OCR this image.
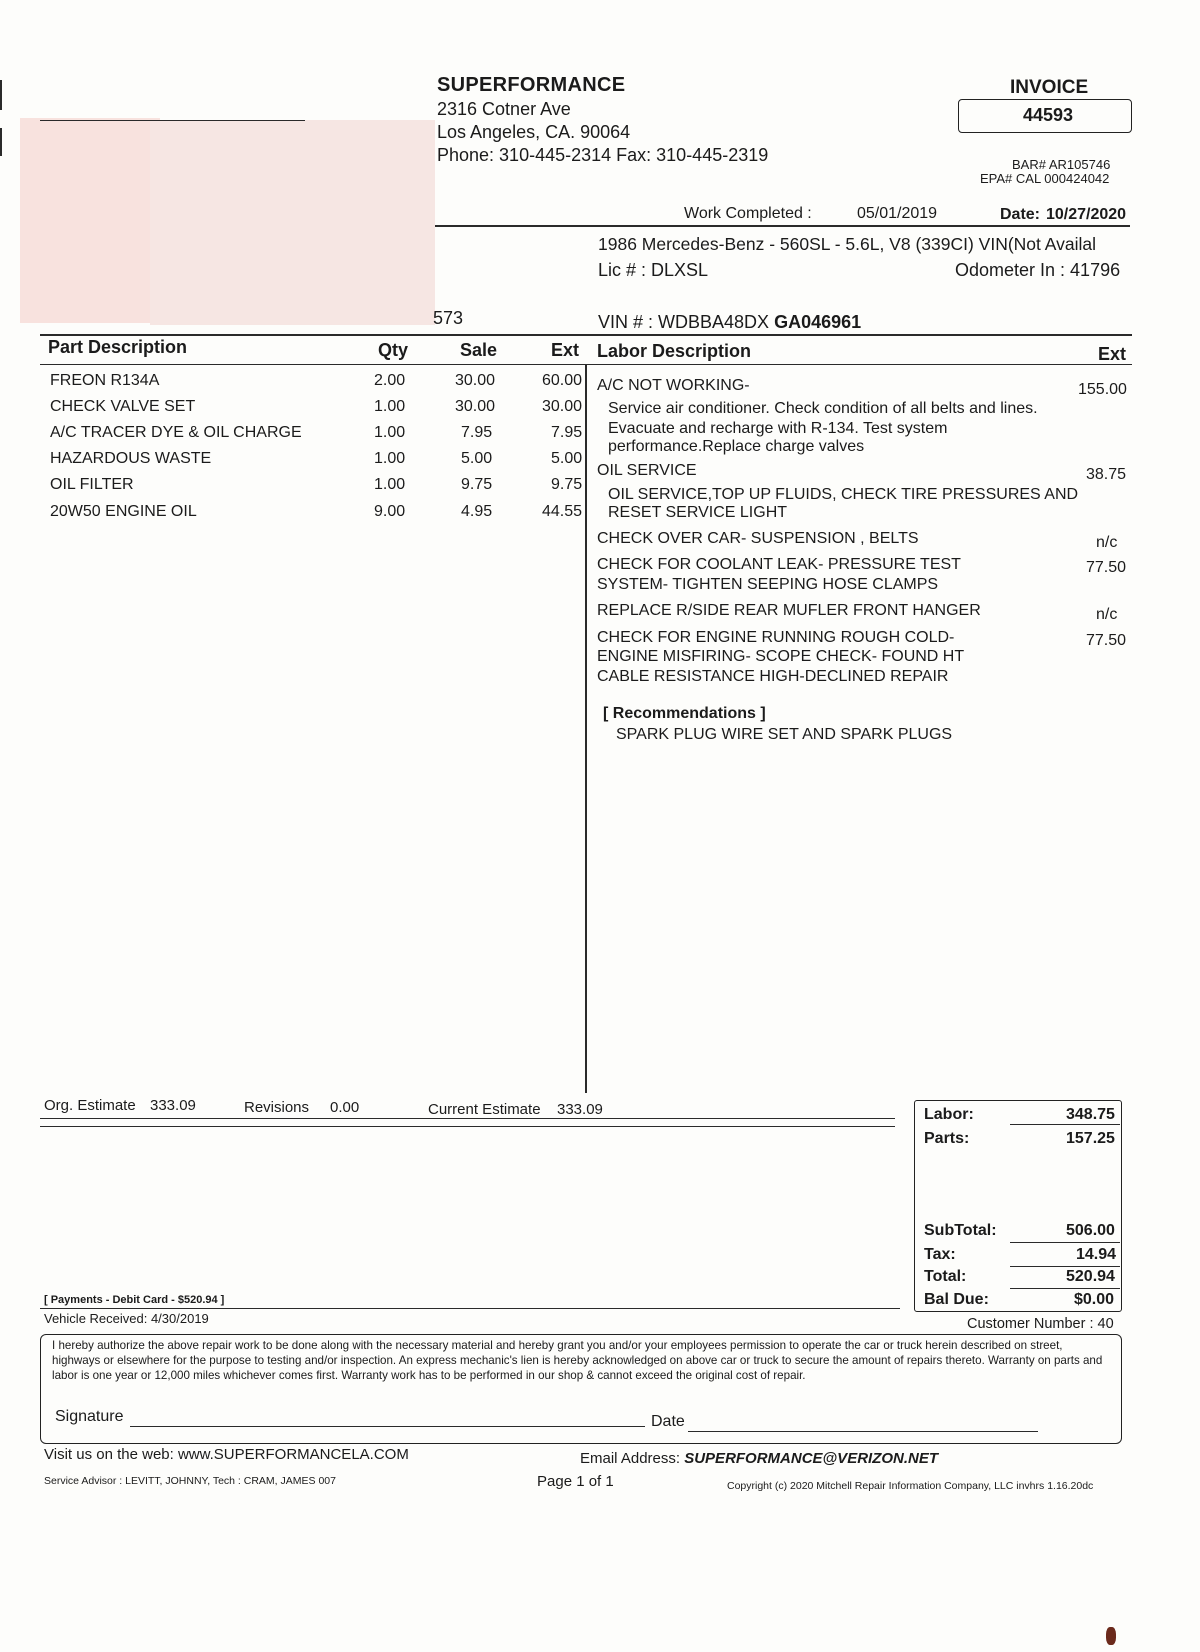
SUPERFORMANCE
2316 Cotner Ave
Los Angeles, CA. 90064
Phone: 310-445-2314 Fax: 310-445-2319
INVOICE
44593
BAR# AR105746
EPA# CAL 000424042
Work Completed :	05/01/2019	Date: 10/27/2020
1986 Mercedes-Benz - 560SL - 5.6L, V8 (339CI) VIN(Not Availal
Lic # : DLXSL	Odometer In : 41796
573	VIN # : WDBBA48DX GA046961
Part Description	Qty	Sale	Ext Labor Description	Ext
FREON R134A	2.00	30.00	60.00
CHECK VALVE SET	1.00	30.00	30.00
A/C TRACER DYE & OIL CHARGE	1.00	7.95	7.95
HAZARDOUS WASTE	1.00	5.00	5.00
OIL FILTER	1.00	9.75	9.75
20W50 ENGINE OIL	9.00	4.95	44.55
A/C NOT WORKING-	155.00
Service air conditioner. Check condition of all belts and lines.
Evacuate and recharge with R-134. Test system
performance.Replace charge valves
OIL SERVICE	38.75
OIL SERVICE,TOP UP FLUIDS, CHECK TIRE PRESSURES AND
RESET SERVICE LIGHT
CHECK OVER CAR- SUSPENSION , BELTS	n/c
CHECK FOR COOLANT LEAK- PRESSURE TEST	77.50
SYSTEM- TIGHTEN SEEPING HOSE CLAMPS
REPLACE R/SIDE REAR MUFLER FRONT HANGER	n/c
CHECK FOR ENGINE RUNNING ROUGH COLD-	77.50
ENGINE MISFIRING- SCOPE CHECK- FOUND HT
CABLE RESISTANCE HIGH-DECLINED REPAIR
[ Recommendations ]
SPARK PLUG WIRE SET AND SPARK PLUGS
Org. Estimate 333.09	Revisions 0.00	Current Estimate 333.09	Labor:	348.75
Parts:	157.25
SubTotal:	506.00
Tax:	14.94
Total:	520.94
Bal Due:	$0.00
Customer Number : 40
[ Payments - Debit Card - $520.94 ]
Vehicle Received: 4/30/2019
I hereby authorize the above repair work to be done along with the necessary material and hereby grant you and/or your employees permission to operate the car or truck herein described on street, highways or elsewhere for the purpose to testing and/or inspection. An express mechanic's lien is hereby acknowledged on above car or truck to secure the amount of repairs thereto. Warranty on parts and labor is one year or 12,000 miles whichever comes first. Warranty work has to be performed in our shop & cannot exceed the original cost of repair.
Signature	Date
Visit us on the web: www.SUPERFORMANCELA.COM	Email Address: SUPERFORMANCE@VERIZON.NET
Service Advisor : LEVITT, JOHNNY, Tech : CRAM, JAMES 007	Page 1 of 1	Copyright (c) 2020 Mitchell Repair Information Company, LLC invhrs 1.16.20dc
